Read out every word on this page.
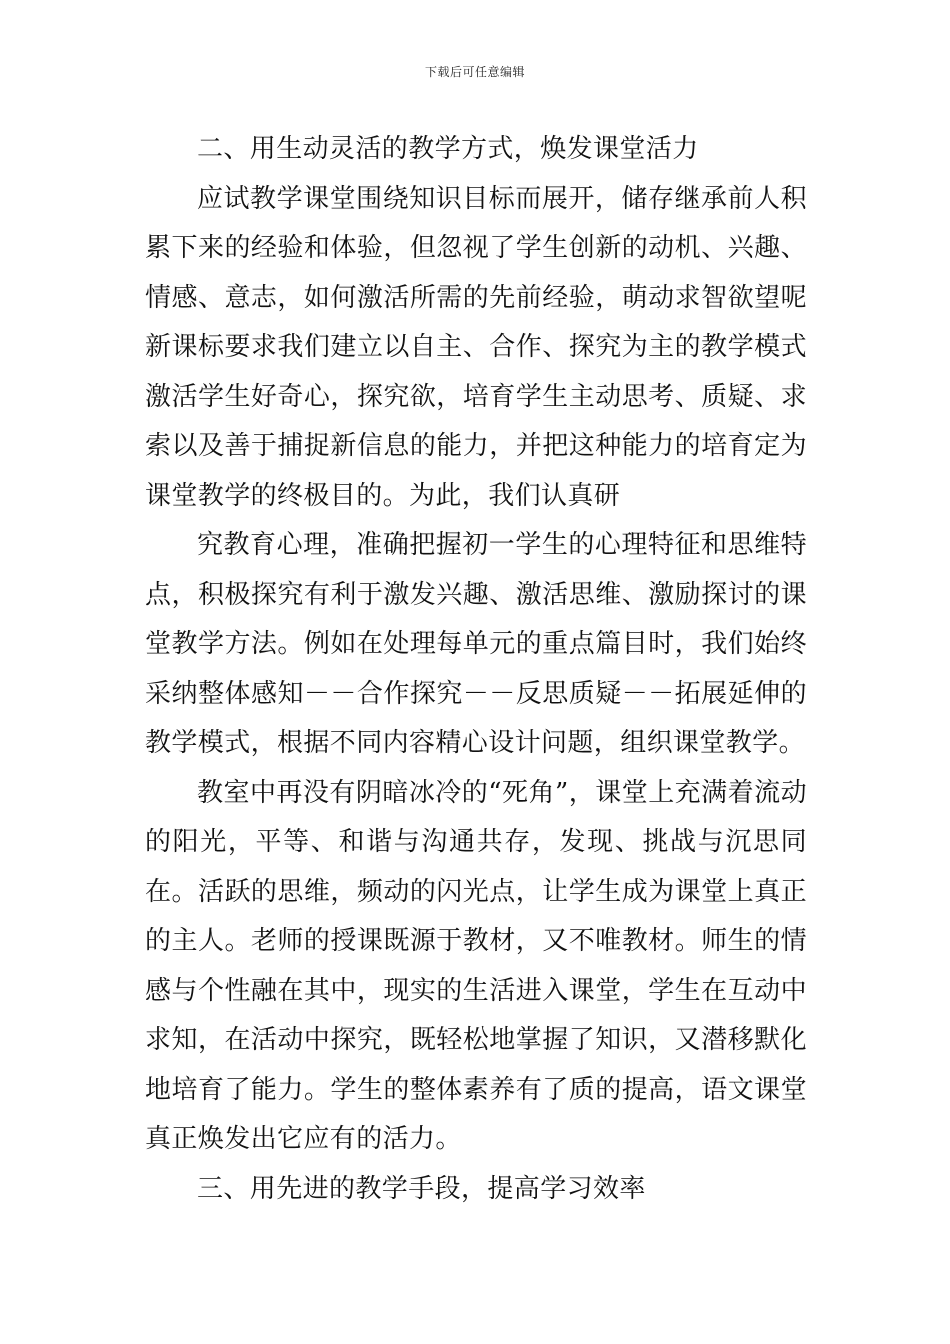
下载后可任意编辑

二、用生动灵活的教学方式，焕发课堂活力

应试教学课堂围绕知识目标而展开，储存继承前人积累下来的经验和体验，但忽视了学生创新的动机、兴趣、情感、意志，如何激活所需的先前经验，萌动求智欲望呢新课标要求我们建立以自主、合作、探究为主的教学模式激活学生好奇心，探究欲，培育学生主动思考、质疑、求索以及善于捕捉新信息的能力，并把这种能力的培育定为课堂教学的终极目的。为此，我们认真研

究教育心理，准确把握初一学生的心理特征和思维特点，积极探究有利于激发兴趣、激活思维、激励探讨的课堂教学方法。例如在处理每单元的重点篇目时，我们始终采纳整体感知－－合作探究－－反思质疑－－拓展延伸的教学模式，根据不同内容精心设计问题，组织课堂教学。

教室中再没有阴暗冰冷的“死角”，课堂上充满着流动的阳光，平等、和谐与沟通共存，发现、挑战与沉思同在。活跃的思维，频动的闪光点，让学生成为课堂上真正的主人。老师的授课既源于教材，又不唯教材。师生的情感与个性融在其中，现实的生活进入课堂，学生在互动中求知，在活动中探究，既轻松地掌握了知识，又潜移默化地培育了能力。学生的整体素养有了质的提高，语文课堂真正焕发出它应有的活力。

三、用先进的教学手段，提高学习效率
